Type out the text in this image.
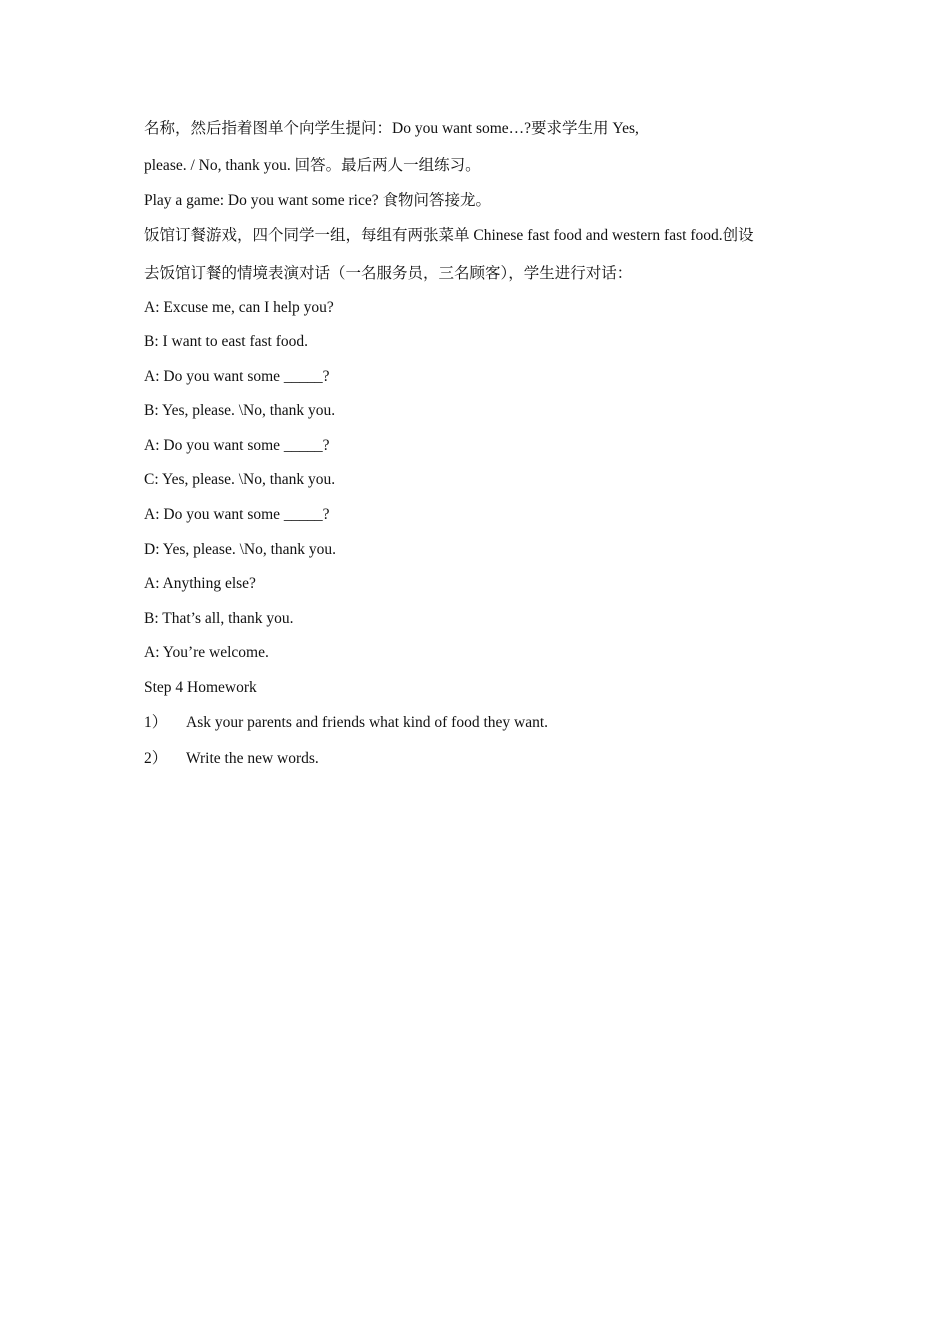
名称，然后指着图单个向学生提问：Do you want some…?要求学生用 Yes,
please. / No, thank you. 回答。最后两人一组练习。
Play a game: Do you want some rice? 食物问答接龙。
饭馆订餐游戏，四个同学一组，每组有两张菜单 Chinese fast food and western fast food.创设
去饭馆订餐的情境表演对话（一名服务员，三名顾客），学生进行对话：
A: Excuse me, can I help you?
B: I want to east fast food.
A: Do you want some _____?
B: Yes, please. \No, thank you.
A: Do you want some _____?
C: Yes, please. \No, thank you.
A: Do you want some _____?
D: Yes, please. \No, thank you.
A: Anything else?
B: That’s all, thank you.
A: You’re welcome.
Step 4 Homework
1） Ask your parents and friends what kind of food they want.
2） Write the new words.
